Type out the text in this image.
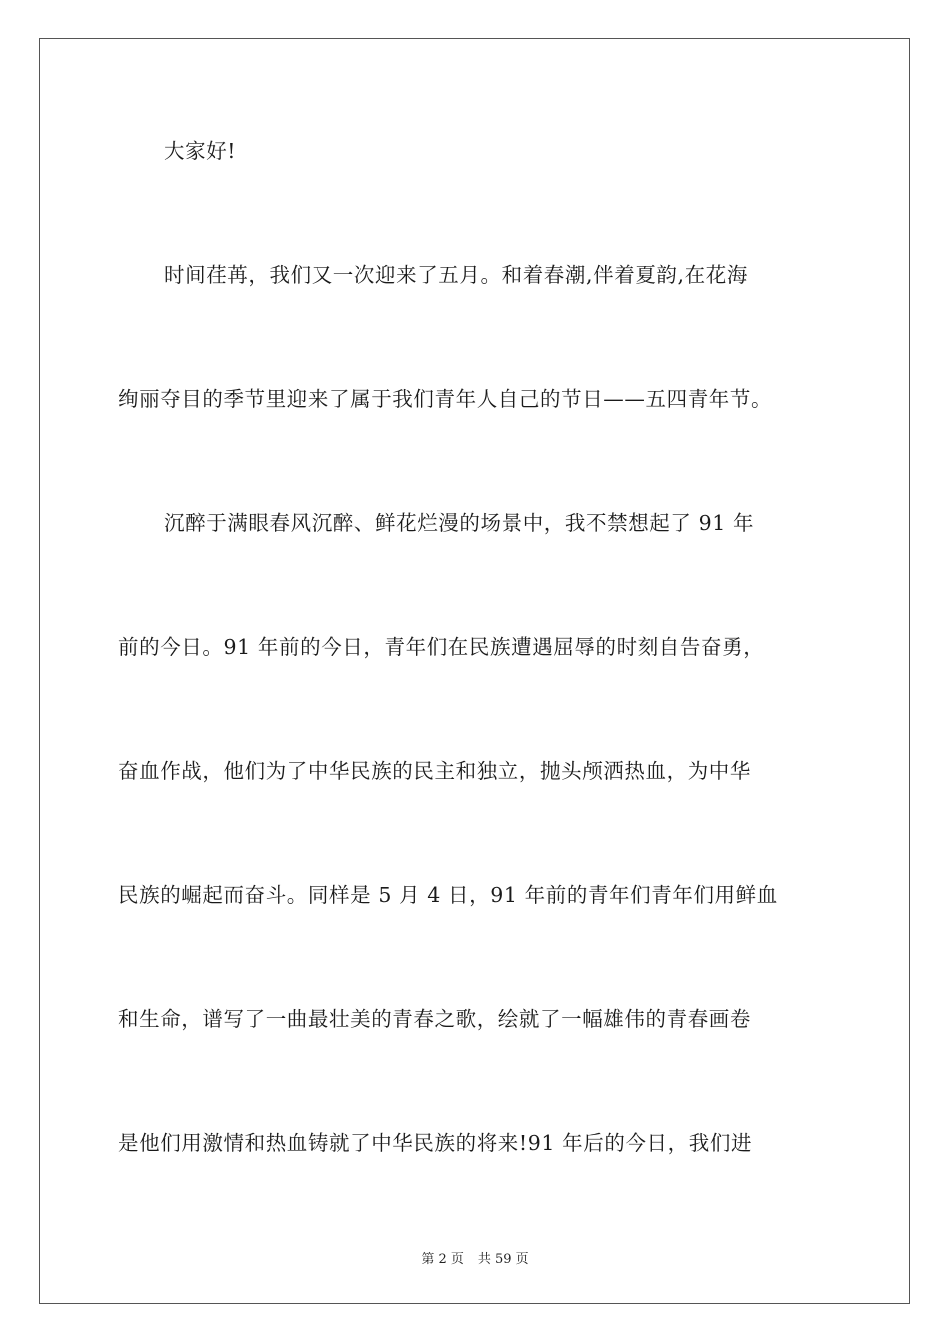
大家好!
时间荏苒，我们又一次迎来了五月。和着春潮,伴着夏韵,在花海
绚丽夺目的季节里迎来了属于我们青年人自己的节日——五四青年节。
沉醉于满眼春风沉醉、鲜花烂漫的场景中，我不禁想起了 91 年
前的今日。91 年前的今日，青年们在民族遭遇屈辱的时刻自告奋勇，
奋血作战，他们为了中华民族的民主和独立，抛头颅洒热血，为中华
民族的崛起而奋斗。同样是 5 月 4 日，91 年前的青年们青年们用鲜血
和生命，谱写了一曲最壮美的青春之歌，绘就了一幅雄伟的青春画卷
是他们用激情和热血铸就了中华民族的将来!91 年后的今日，我们进
第 2 页 共 59 页
